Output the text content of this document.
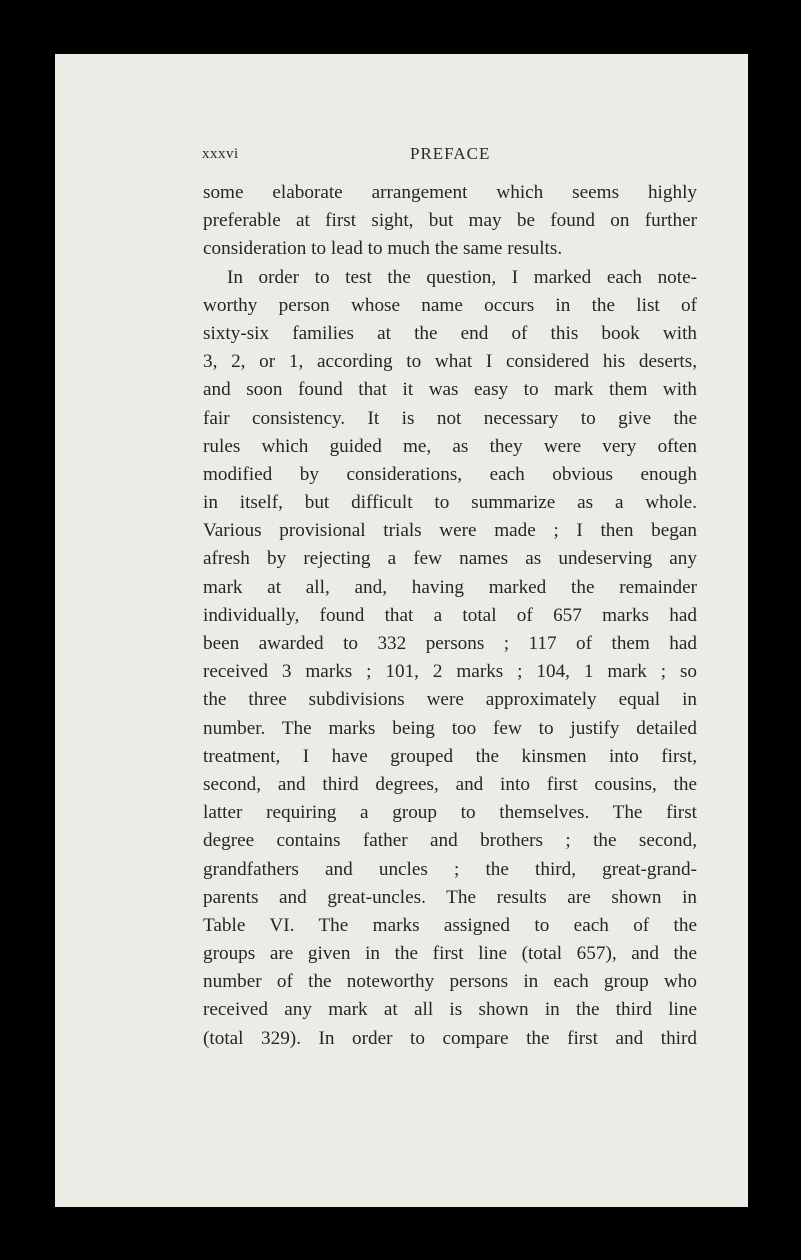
xxxvi	PREFACE
some elaborate arrangement which seems highly
preferable at first sight, but may be found on further
consideration to lead to much the same results.
In order to test the question, I marked each note-
worthy person whose name occurs in the list of
sixty-six families at the end of this book with
3, 2, or 1, according to what I considered his deserts,
and soon found that it was easy to mark them with
fair consistency. It is not necessary to give the
rules which guided me, as they were very often
modified by considerations, each obvious enough
in itself, but difficult to summarize as a whole.
Various provisional trials were made ; I then began
afresh by rejecting a few names as undeserving any
mark at all, and, having marked the remainder
individually, found that a total of 657 marks had
been awarded to 332 persons ; 117 of them had
received 3 marks ; 101, 2 marks ; 104, 1 mark ; so
the three subdivisions were approximately equal in
number. The marks being too few to justify detailed
treatment, I have grouped the kinsmen into first,
second, and third degrees, and into first cousins, the
latter requiring a group to themselves. The first
degree contains father and brothers ; the second,
grandfathers and uncles ; the third, great-grand-
parents and great-uncles. The results are shown in
Table VI. The marks assigned to each of the
groups are given in the first line (total 657), and the
number of the noteworthy persons in each group who
received any mark at all is shown in the third line
(total 329). In order to compare the first and third
